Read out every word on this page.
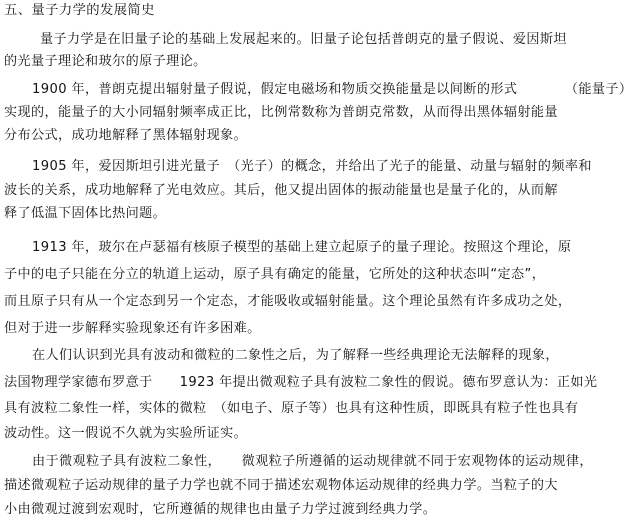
五、量子力学的发展简史
量子力学是在旧量子论的基础上发展起来的。旧量子论包括普朗克的量子假说、爱因斯坦
的光量子理论和玻尔的原子理论。
1900 年，普朗克提出辐射量子假说，假定电磁场和物质交换能量是以间断的形式　　　　（能量子）
实现的，能量子的大小同辐射频率成正比，比例常数称为普朗克常数，从而得出黑体辐射能量
分布公式，成功地解释了黑体辐射现象。
1905 年，爱因斯坦引进光量子　（光子）的概念，并给出了光子的能量、动量与辐射的频率和
波长的关系，成功地解释了光电效应。其后，他又提出固体的振动能量也是量子化的，从而解
释了低温下固体比热问题。
1913 年，玻尔在卢瑟福有核原子模型的基础上建立起原子的量子理论。按照这个理论，原
子中的电子只能在分立的轨道上运动，原子具有确定的能量，它所处的这种状态叫“定态”，
而且原子只有从一个定态到另一个定态，才能吸收或辐射能量。这个理论虽然有许多成功之处，
但对于进一步解释实验现象还有许多困难。
在人们认识到光具有波动和微粒的二象性之后，为了解释一些经典理论无法解释的现象，
法国物理学家德布罗意于　　1923 年提出微观粒子具有波粒二象性的假说。德布罗意认为：正如光
具有波粒二象性一样，实体的微粒　（如电子、原子等）也具有这种性质，即既具有粒子性也具有
波动性。这一假说不久就为实验所证实。
由于微观粒子具有波粒二象性，　　微观粒子所遵循的运动规律就不同于宏观物体的运动规律，
描述微观粒子运动规律的量子力学也就不同于描述宏观物体运动规律的经典力学。当粒子的大
小由微观过渡到宏观时，它所遵循的规律也由量子力学过渡到经典力学。
